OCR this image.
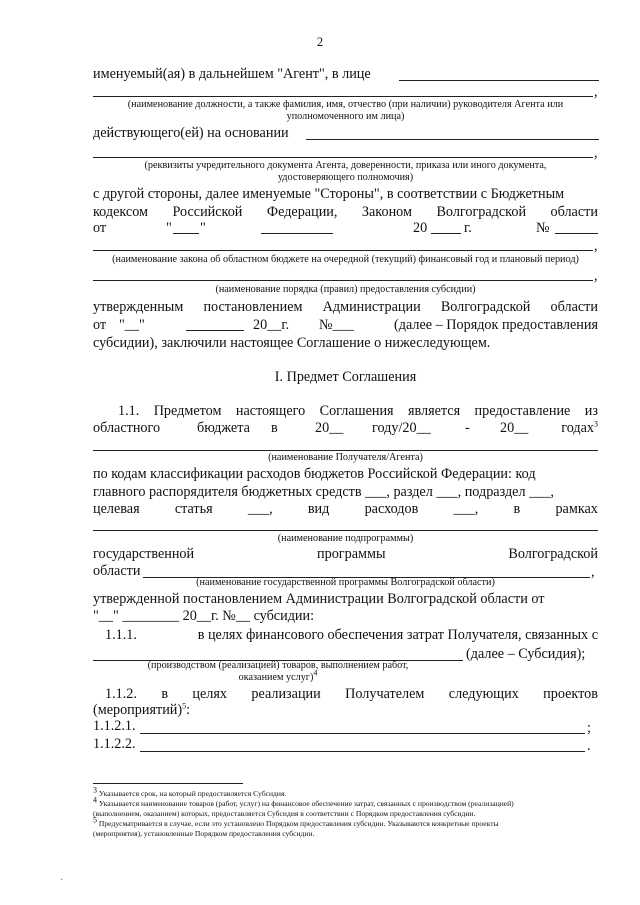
2
именуемый(ая) в дальнейшем "Агент", в лице
,
(наименование должности, а также фамилия, имя, отчество (при наличии) руководителя Агента или
уполномоченного им лица)
действующего(ей) на основании
,
(реквизиты учредительного документа Агента, доверенности, приказа или иного документа,
удостоверяющего полномочия)
с другой стороны, далее именуемые "Стороны", в соответствии с Бюджетным
кодексом Российской Федерации, Законом Волгоградской области
от	" "	20	г.	№
,
(наименование закона об областном бюджете на очередной (текущий) финансовый год и плановый период)
,
(наименование порядка (правил) предоставления субсидии)
утвержденным постановлением Администрации Волгоградской области
от "__"	20__г. №___	(далее – Порядок предоставления
субсидии), заключили настоящее Соглашение о нижеследующем.
I. Предмет Соглашения
1.1. Предметом настоящего Соглашения является предоставление из
областного	бюджета в	20__ году/20__ - 20__ годах$^3$
(наименование Получателя/Агента)
по кодам классификации расходов бюджетов Российской Федерации: код
главного распорядителя бюджетных средств ___, раздел ___, подраздел ___,
целевая статья ___, вид расходов ___, в рамках
(наименование подпрограммы)
государственной	программы	Волгоградской
области	,
(наименование государственной программы Волгоградской области)
утвержденной постановлением Администрации Волгоградской области от
"__" ________ 20__г. №__ субсидии:
1.1.1.	в целях финансового обеспечения затрат Получателя, связанных с
(далее – Субсидия);
(производством (реализацией) товаров, выполнением работ,
оказанием услуг)$^4$
1.1.2. в целях реализации Получателем следующих проектов
(мероприятий)$^5$:
1.1.2.1.	;
1.1.2.2.	.
$^3$ Указывается срок, на который предоставляется Субсидия.
$^4$ Указывается наименование товаров (работ, услуг) на финансовое обеспечение затрат, связанных с производством (реализацией)
(выполнением, оказанием) которых, предоставляется Субсидия в соответствии с Порядком предоставления субсидии.
$^5$ Предусматривается в случае, если это установлено Порядком предоставления субсидии. Указываются конкретные проекты
(мероприятия), установленные Порядком предоставления субсидии.
·
